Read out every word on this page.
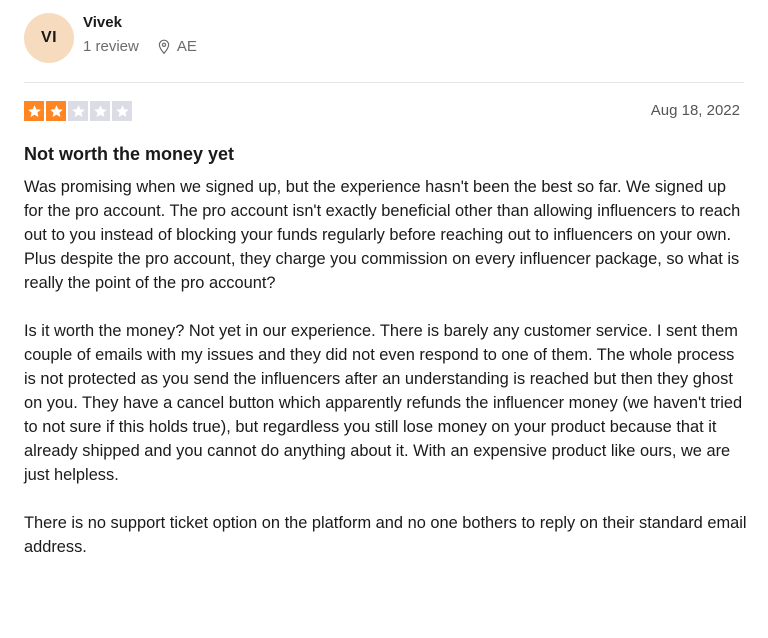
VI
Vivek
1 review	AE
Aug 18, 2022
Not worth the money yet

Was promising when we signed up, but the experience hasn't been the best so far. We signed up for the pro account. The pro account isn't exactly beneficial other than allowing influencers to reach out to you instead of blocking your funds regularly before reaching out to influencers on your own. Plus despite the pro account, they charge you commission on every influencer package, so what is really the point of the pro account?

Is it worth the money? Not yet in our experience. There is barely any customer service. I sent them couple of emails with my issues and they did not even respond to one of them. The whole process is not protected as you send the influencers after an understanding is reached but then they ghost on you. They have a cancel button which apparently refunds the influencer money (we haven't tried to not sure if this holds true), but regardless you still lose money on your product because that it already shipped and you cannot do anything about it. With an expensive product like ours, we are just helpless.

There is no support ticket option on the platform and no one bothers to reply on their standard email address.
